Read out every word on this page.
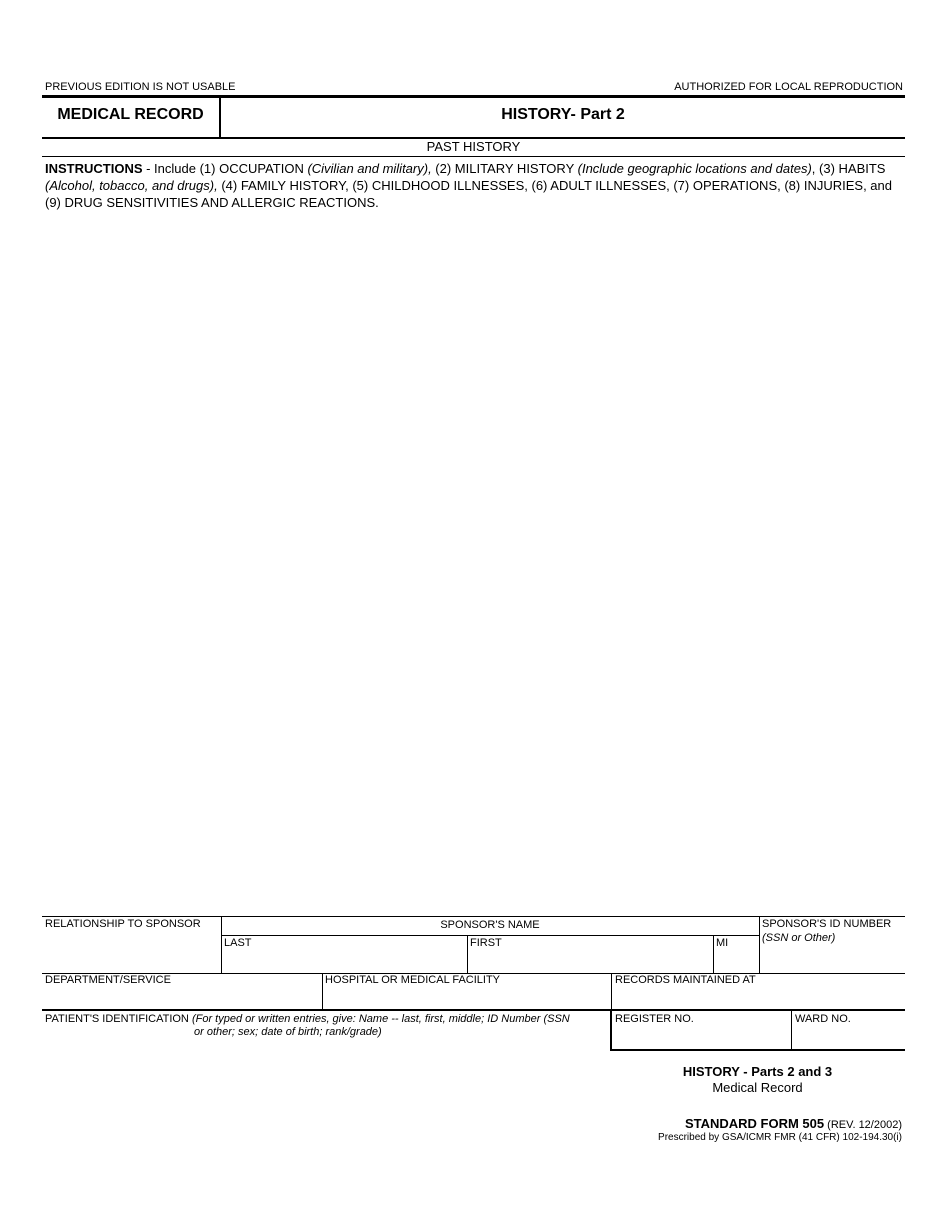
PREVIOUS EDITION IS NOT USABLE	AUTHORIZED FOR LOCAL REPRODUCTION
MEDICAL RECORD	HISTORY- Part 2
PAST HISTORY
INSTRUCTIONS - Include (1) OCCUPATION (Civilian and military), (2) MILITARY HISTORY (Include geographic locations and dates), (3) HABITS (Alcohol, tobacco, and drugs), (4) FAMILY HISTORY, (5) CHILDHOOD ILLNESSES, (6) ADULT ILLNESSES, (7) OPERATIONS, (8) INJURIES, and (9) DRUG SENSITIVITIES AND ALLERGIC REACTIONS.
RELATIONSHIP TO SPONSOR	SPONSOR'S NAME	SPONSOR'S ID NUMBER
(SSN or Other)
LAST	FIRST	MI
DEPARTMENT/SERVICE	HOSPITAL OR MEDICAL FACILITY	RECORDS MAINTAINED AT
PATIENT'S IDENTIFICATION (For typed or written entries, give: Name -- last, first, middle; ID Number (SSN
or other; sex; date of birth; rank/grade)
REGISTER NO.	WARD NO.
HISTORY - Parts 2 and 3
Medical Record
STANDARD FORM 505 (REV. 12/2002)
Prescribed by GSA/ICMR FMR (41 CFR) 102-194.30(i)
